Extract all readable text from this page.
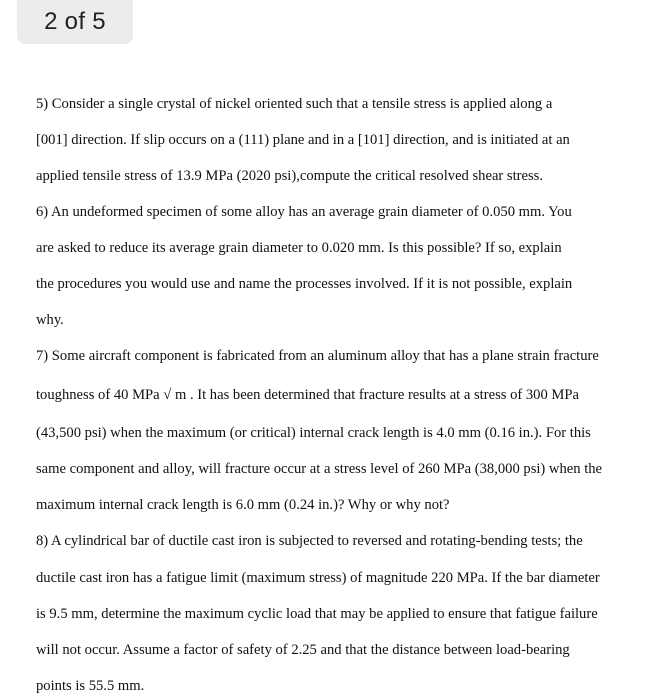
2 of 5
5) Consider a single crystal of nickel oriented such that a tensile stress is applied along a
[001] direction. If slip occurs on a (111) plane and in a [101] direction, and is initiated at an
applied tensile stress of 13.9 MPa (2020 psi),compute the critical resolved shear stress.
6) An undeformed specimen of some alloy has an average grain diameter of 0.050 mm. You
are asked to reduce its average grain diameter to 0.020 mm. Is this possible? If so, explain
the procedures you would use and name the processes involved. If it is not possible, explain
why.
7) Some aircraft component is fabricated from an aluminum alloy that has a plane strain fracture
toughness of 40 MPa √ m . It has been determined that fracture results at a stress of 300 MPa
(43,500 psi) when the maximum (or critical) internal crack length is 4.0 mm (0.16 in.). For this
same component and alloy, will fracture occur at a stress level of 260 MPa (38,000 psi) when the
maximum internal crack length is 6.0 mm (0.24 in.)? Why or why not?
8) A cylindrical bar of ductile cast iron is subjected to reversed and rotating-bending tests; the
ductile cast iron has a fatigue limit (maximum stress) of magnitude 220 MPa. If the bar diameter
is 9.5 mm, determine the maximum cyclic load that may be applied to ensure that fatigue failure
will not occur. Assume a factor of safety of 2.25 and that the distance between load-bearing
points is 55.5 mm.
